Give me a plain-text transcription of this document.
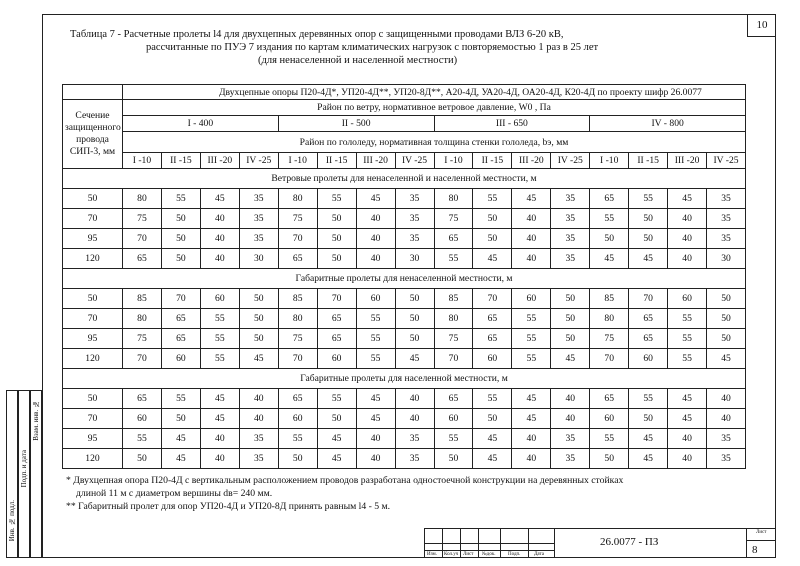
10
Инв. № подл.
Подп. и дата
Взам. инв. №
Таблица 7 - Расчетные пролеты l4 для двухцепных деревянных опор с защищенными проводами ВЛЗ 6-20 кВ,
рассчитанные по ПУЭ 7 издания по картам климатических нагрузок с повторяемостью 1 раз в 25 лет
(для ненаселенной и населенной местности)
	Двухцепные опоры П20-4Д*, УП20-4Д**, УП20-8Д**, А20-4Д, УА20-4Д, ОА20-4Д, К20-4Д по проекту шифр 26.0077															
Сечение защищенного провода СИП-3, мм	Район по ветру, нормативное ветровое давление, W0 , Па															
	I - 400				II - 500				III - 650				IV - 800			
	Район по гололеду, нормативная толщина стенки гололеда, bэ, мм															
	I -10	II -15	III -20	IV -25	I -10	II -15	III -20	IV -25	I -10	II -15	III -20	IV -25	I -10	II -15	III -20	IV -25
Ветровые пролеты для ненаселенной и населенной местности, м																
50	80	55	45	35	80	55	45	35	80	55	45	35	65	55	45	35
70	75	50	40	35	75	50	40	35	75	50	40	35	55	50	40	35
95	70	50	40	35	70	50	40	35	65	50	40	35	50	50	40	35
120	65	50	40	30	65	50	40	30	55	45	40	35	45	45	40	30
Габаритные пролеты для ненаселенной местности, м																
50	85	70	60	50	85	70	60	50	85	70	60	50	85	70	60	50
70	80	65	55	50	80	65	55	50	80	65	55	50	80	65	55	50
95	75	65	55	50	75	65	55	50	75	65	55	50	75	65	55	50
120	70	60	55	45	70	60	55	45	70	60	55	45	70	60	55	45
Габаритные пролеты для населенной местности, м																
50	65	55	45	40	65	55	45	40	65	55	45	40	65	55	45	40
70	60	50	45	40	60	50	45	40	60	50	45	40	60	50	45	40
95	55	45	40	35	55	45	40	35	55	45	40	35	55	45	40	35
120	50	45	40	35	50	45	40	35	50	45	40	35	50	45	40	35
* Двухцепная опора П20-4Д с вертикальным расположением проводов разработана одностоечной конструкции на деревянных стойках
длиной 11 м с диаметром вершины dв= 240 мм.
** Габаритный пролет для опор УП20-4Д и УП20-8Д принять равным l4 - 5 м.
Изм. Кол.уч Лист №док.	Подп.	Дата
26.0077 - ПЗ
Лист
8
